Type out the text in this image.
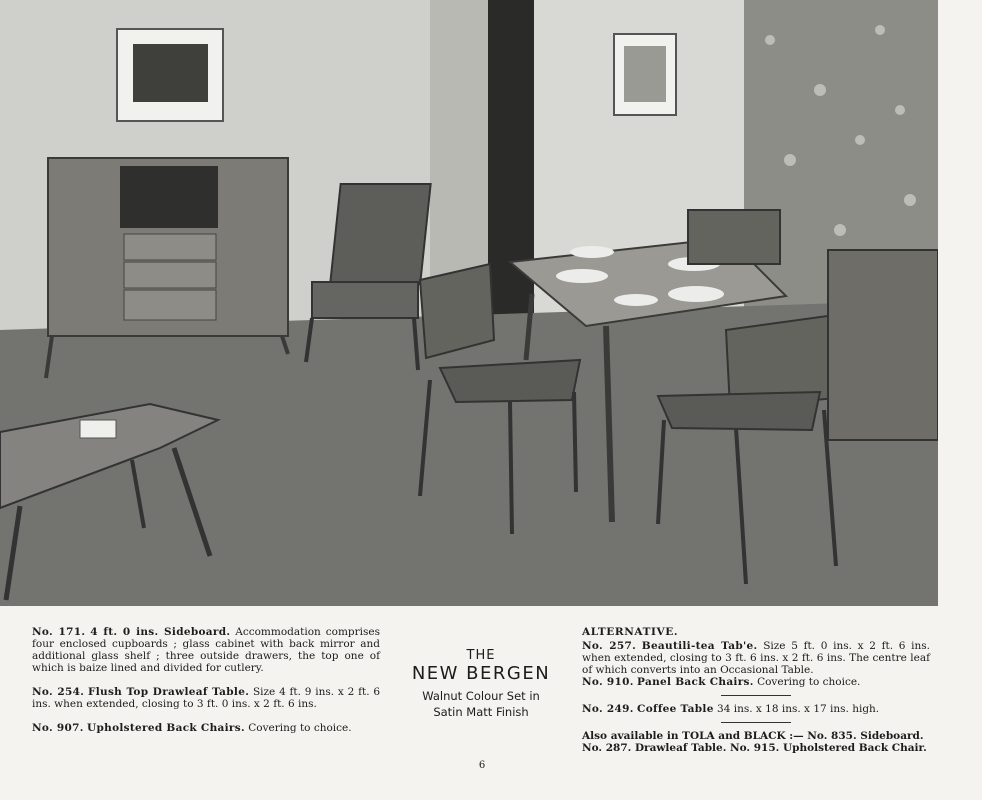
No. 171. 4 ft. 0 ins. Sideboard. Accommodation comprises four enclosed cupboards ; glass cabinet with back mirror and additional glass shelf ; three outside drawers, the top one of which is baize lined and divided for cutlery.

No. 254. Flush Top Drawleaf Table. Size 4 ft. 9 ins. x 2 ft. 6 ins. when extended, closing to 3 ft. 0 ins. x 2 ft. 6 ins.

No. 907. Upholstered Back Chairs. Covering to choice.

THE
NEW BERGEN
Walnut Colour Set in
Satin Matt Finish
ALTERNATIVE.

No. 257. Beautili-tea Tab'e. Size 5 ft. 0 ins. x 2 ft. 6 ins. when extended, closing to 3 ft. 6 ins. x 2 ft. 6 ins. The centre leaf of which converts into an Occasional Table.

No. 910. Panel Back Chairs. Covering to choice.

No. 249. Coffee Table 34 ins. x 18 ins. x 17 ins. high.

Also available in TOLA and BLACK :— No. 835. Sideboard.

No. 287. Drawleaf Table. No. 915. Upholstered Back Chair.

6
